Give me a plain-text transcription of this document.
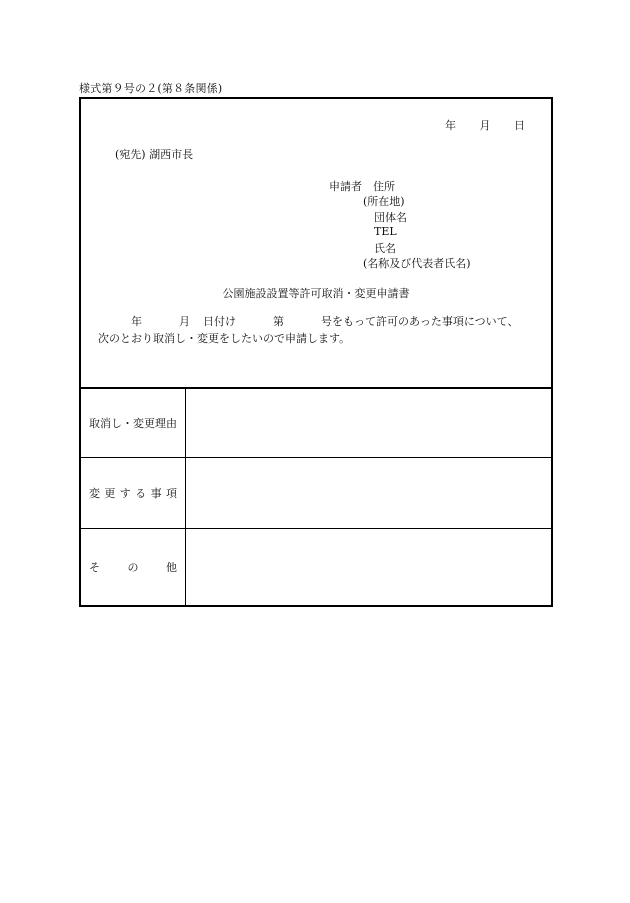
様式第９号の２(第８条関係)
年 月 日
(宛先) 湖西市長
申請者　住所
(所在地)
団体名
TEL
氏名
(名称及び代表者氏名)
公園施設設置等許可取消・変更申請書
年	月	日付け	第	号をもって許可のあった事項について、
次のとおり取消し・変更をしたいので申請します。
取消し・変更理由
変 更 す る 事 項
そ	の	他
